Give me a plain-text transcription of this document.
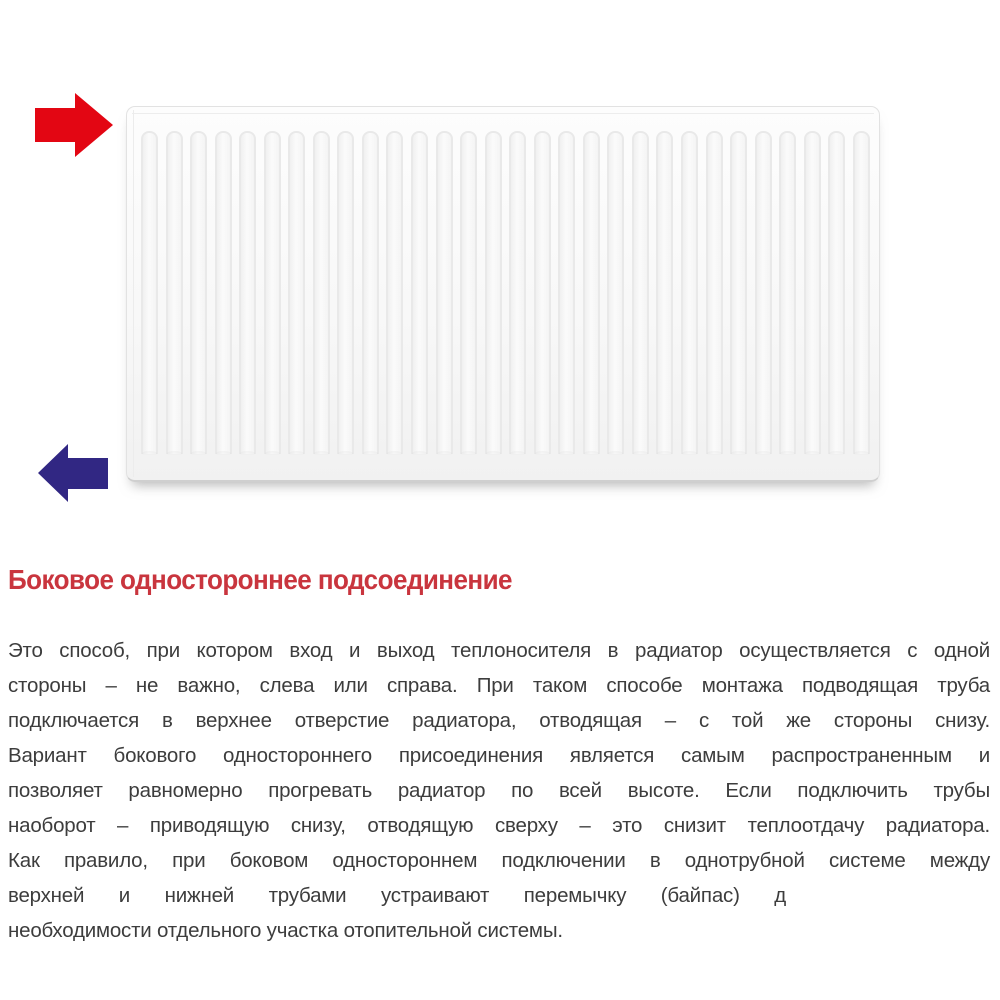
Боковое одностороннее подсоединение
Это способ, при котором вход и выход теплоносителя в радиатор осуществляется с одной
стороны – не важно, слева или справа. При таком способе монтажа подводящая труба
подключается в верхнее отверстие радиатора, отводящая – с той же стороны снизу.
Вариант бокового одностороннего присоединения является самым распространенным и
позволяет равномерно прогревать радиатор по всей высоте. Если подключить трубы
наоборот – приводящую снизу, отводящую сверху – это снизит теплоотдачу радиатора.
Как правило, при боковом одностороннем подключении в однотрубной системе между
верхней и нижней трубами устраивают перемычку (байпас) д
необходимости отдельного участка отопительной системы.
